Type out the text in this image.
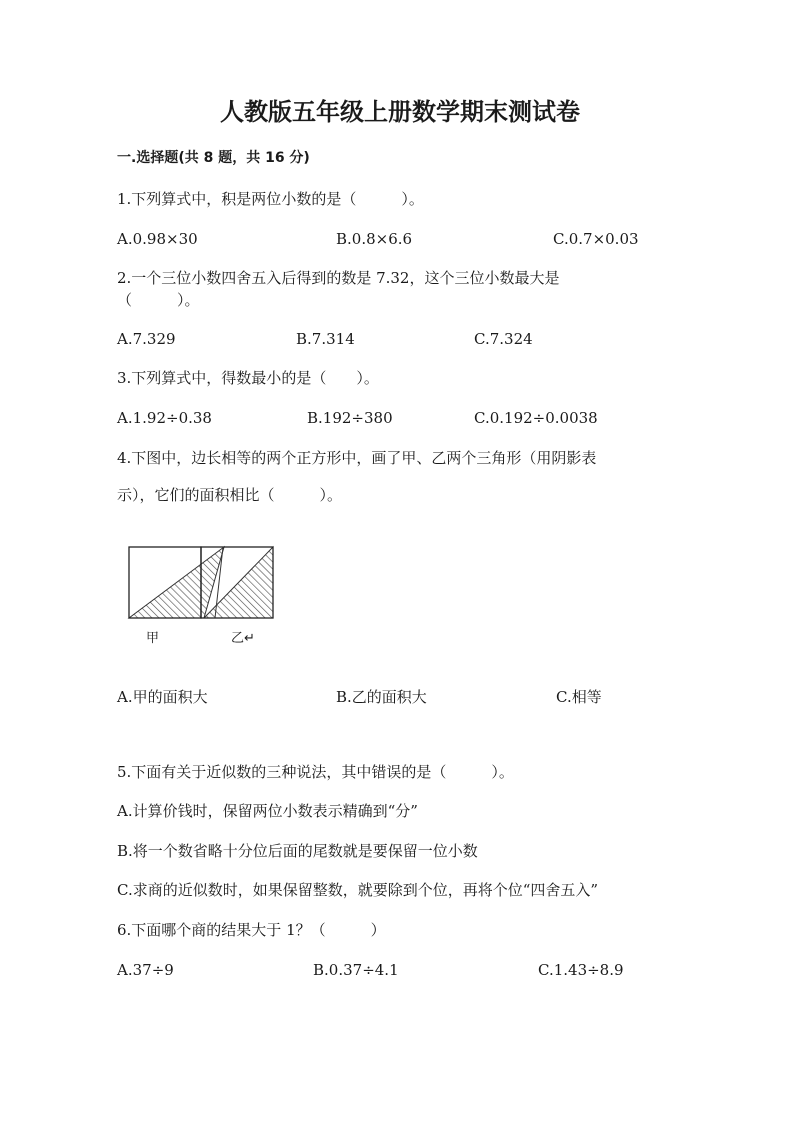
人教版五年级上册数学期末测试卷
一.选择题(共 8 题，共 16 分)
1.下列算式中，积是两位小数的是（　　　）。
A.0.98×30	B.0.8×6.6	C.0.7×0.03
2.一个三位小数四舍五入后得到的数是 7.32，这个三位小数最大是
（　　　）。
A.7.329	B.7.314	C.7.324
3.下列算式中，得数最小的是（　　）。
A.1.92÷0.38	B.192÷380	C.0.192÷0.0038
4.下图中，边长相等的两个正方形中，画了甲、乙两个三角形（用阴影表
示），它们的面积相比（　　　）。
甲	乙↵
A.甲的面积大	B.乙的面积大	C.相等
5.下面有关于近似数的三种说法，其中错误的是（　　　）。
A.计算价钱时，保留两位小数表示精确到“分”
B.将一个数省略十分位后面的尾数就是要保留一位小数
C.求商的近似数时，如果保留整数，就要除到个位，再将个位“四舍五入”
6.下面哪个商的结果大于 1？（　　　）
A.37÷9	B.0.37÷4.1	C.1.43÷8.9
